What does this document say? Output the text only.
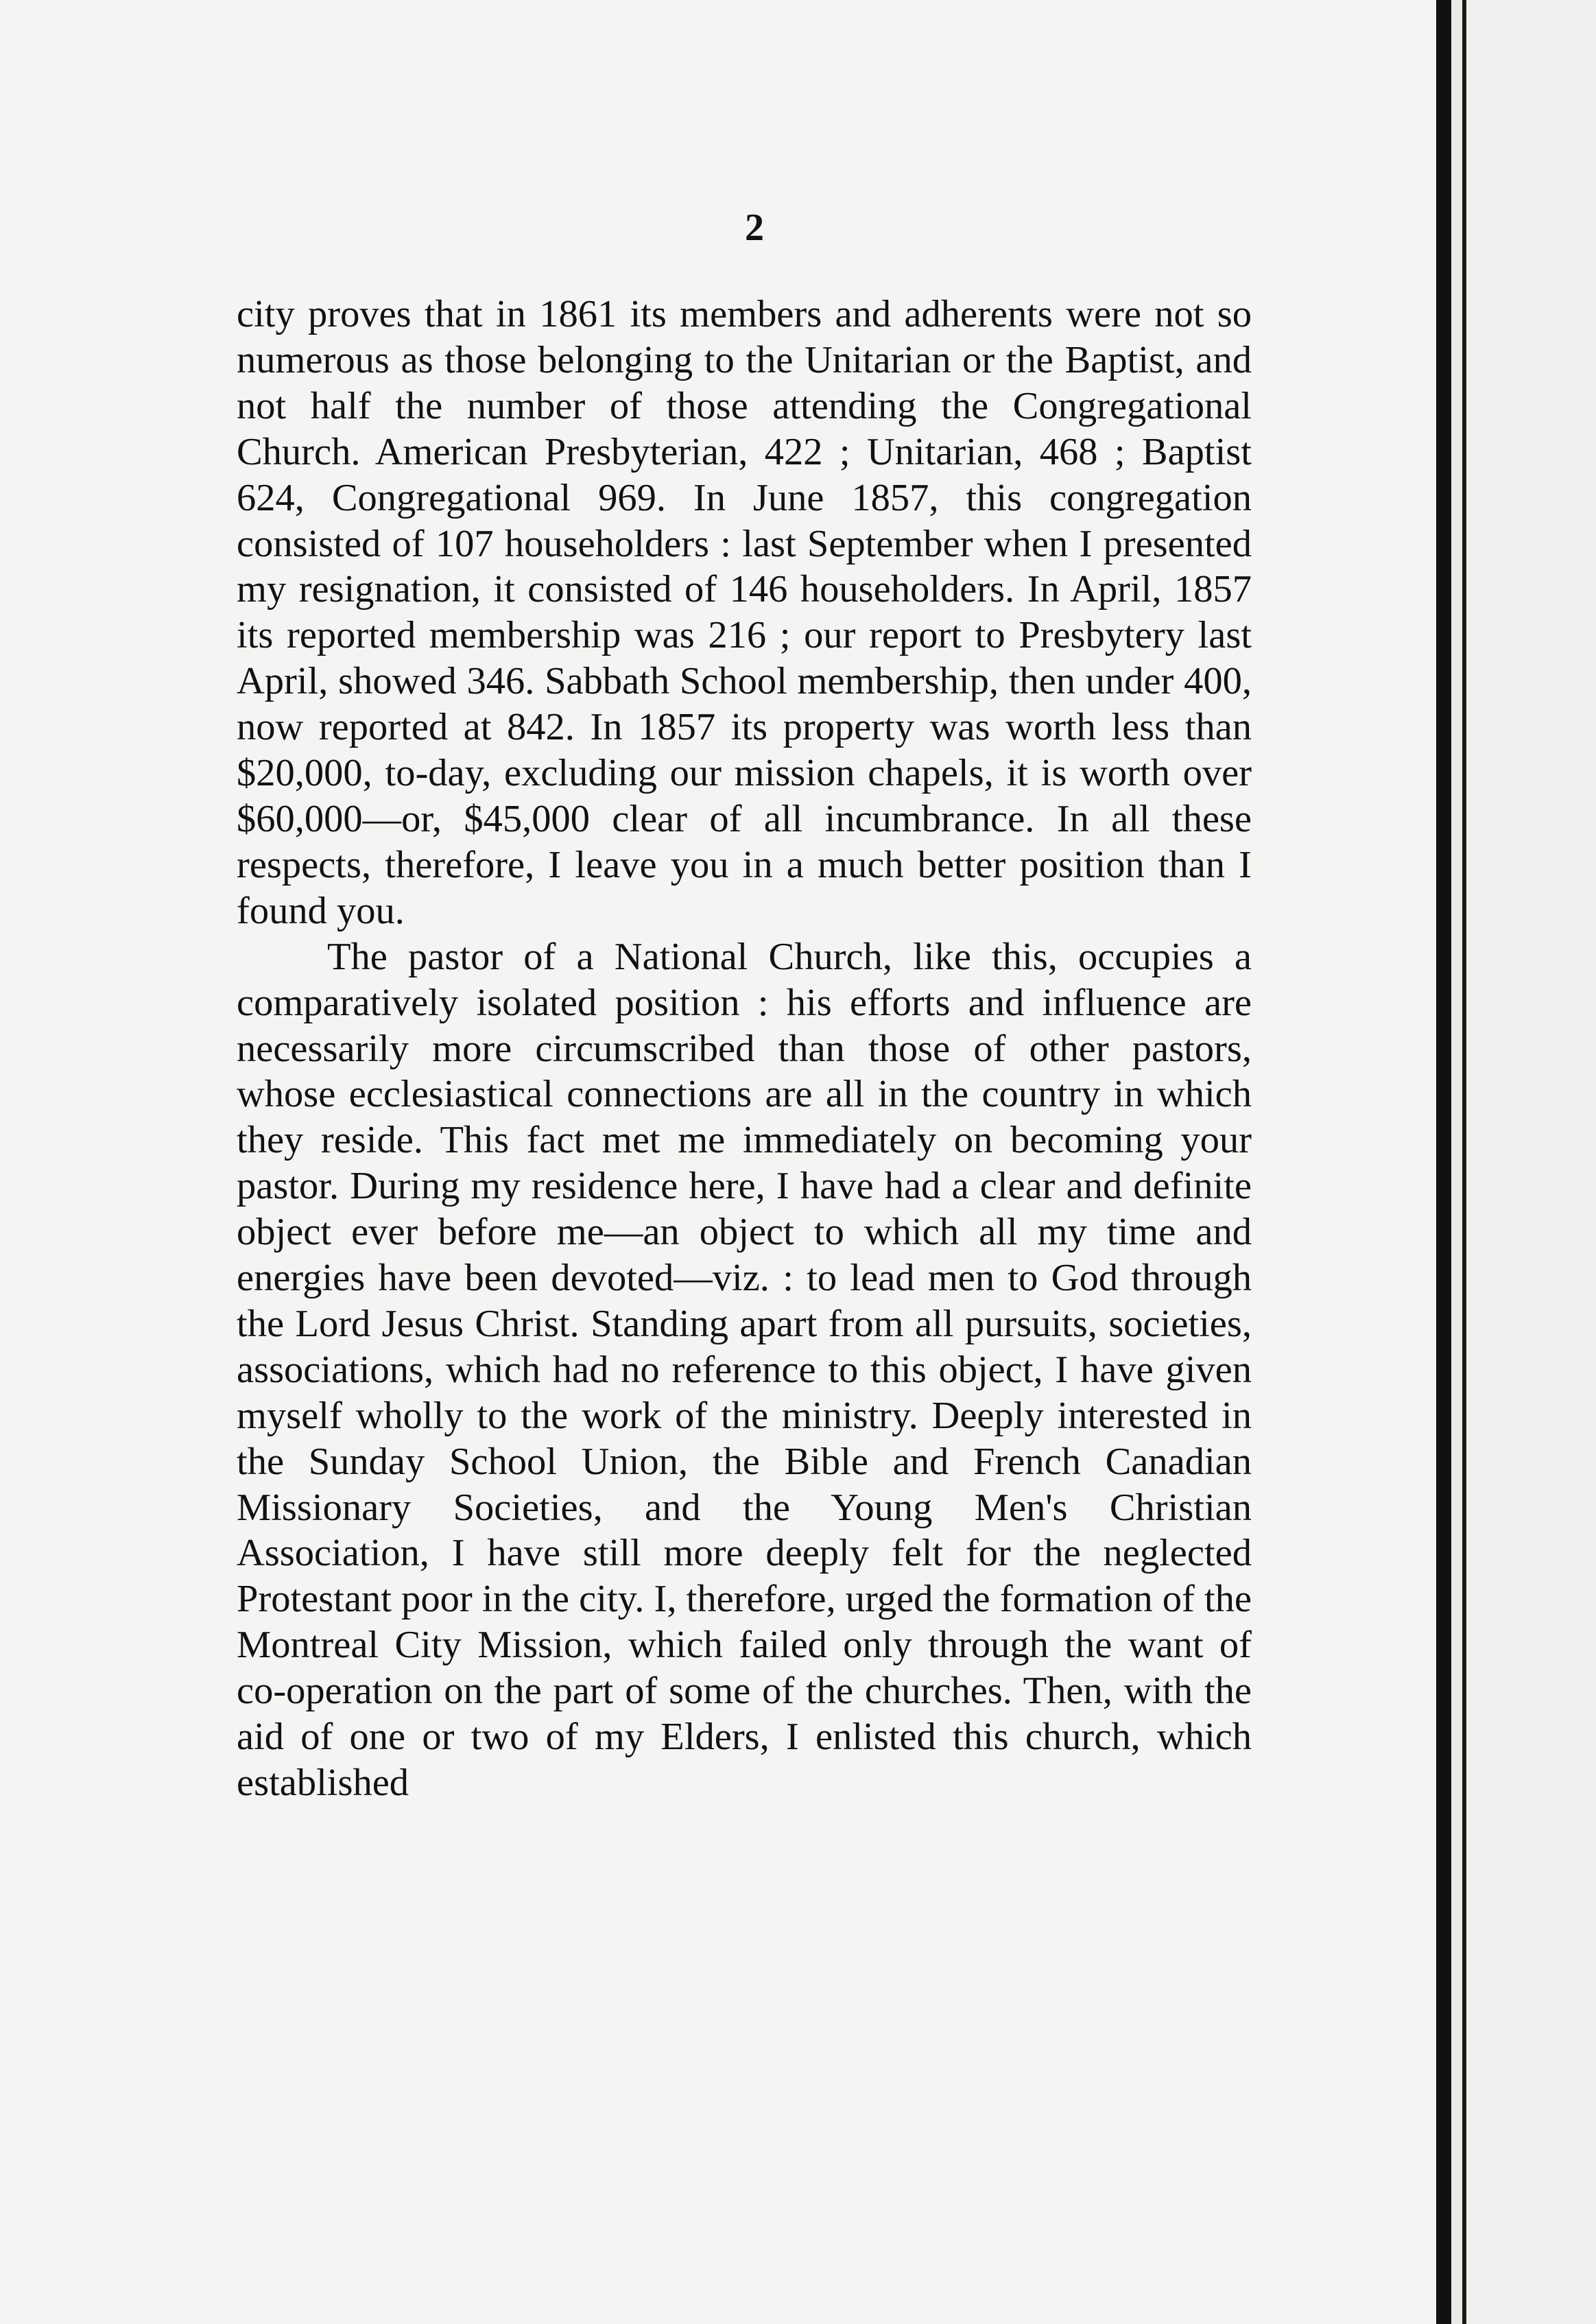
2

city proves that in 1861 its members and adherents were not so numerous as those belonging to the Unitarian or the Baptist, and not half the number of those attending the Congregational Church. American Presbyterian, 422 ; Unitarian, 468 ; Baptist 624, Congregational 969. In June 1857, this congregation consisted of 107 householders : last September when I presented my resignation, it consisted of 146 householders. In April, 1857 its reported membership was 216 ; our report to Presbytery last April, showed 346. Sabbath School membership, then under 400, now reported at 842. In 1857 its property was worth less than $20,000, to-day, excluding our mission chapels, it is worth over $60,000—or, $45,000 clear of all incumbrance. In all these respects, therefore, I leave you in a much better position than I found you.

The pastor of a National Church, like this, occupies a comparatively isolated position : his efforts and influence are necessarily more circumscribed than those of other pastors, whose ecclesiastical connections are all in the country in which they reside. This fact met me immediately on becoming your pastor. During my residence here, I have had a clear and definite object ever before me—an object to which all my time and energies have been devoted—viz. : to lead men to God through the Lord Jesus Christ. Standing apart from all pursuits, societies, associations, which had no reference to this object, I have given myself wholly to the work of the ministry. Deeply interested in the Sunday School Union, the Bible and French Canadian Missionary Societies, and the Young Men's Christian Association, I have still more deeply felt for the neglected Protestant poor in the city. I, therefore, urged the formation of the Montreal City Mission, which failed only through the want of co-operation on the part of some of the churches. Then, with the aid of one or two of my Elders, I enlisted this church, which established
